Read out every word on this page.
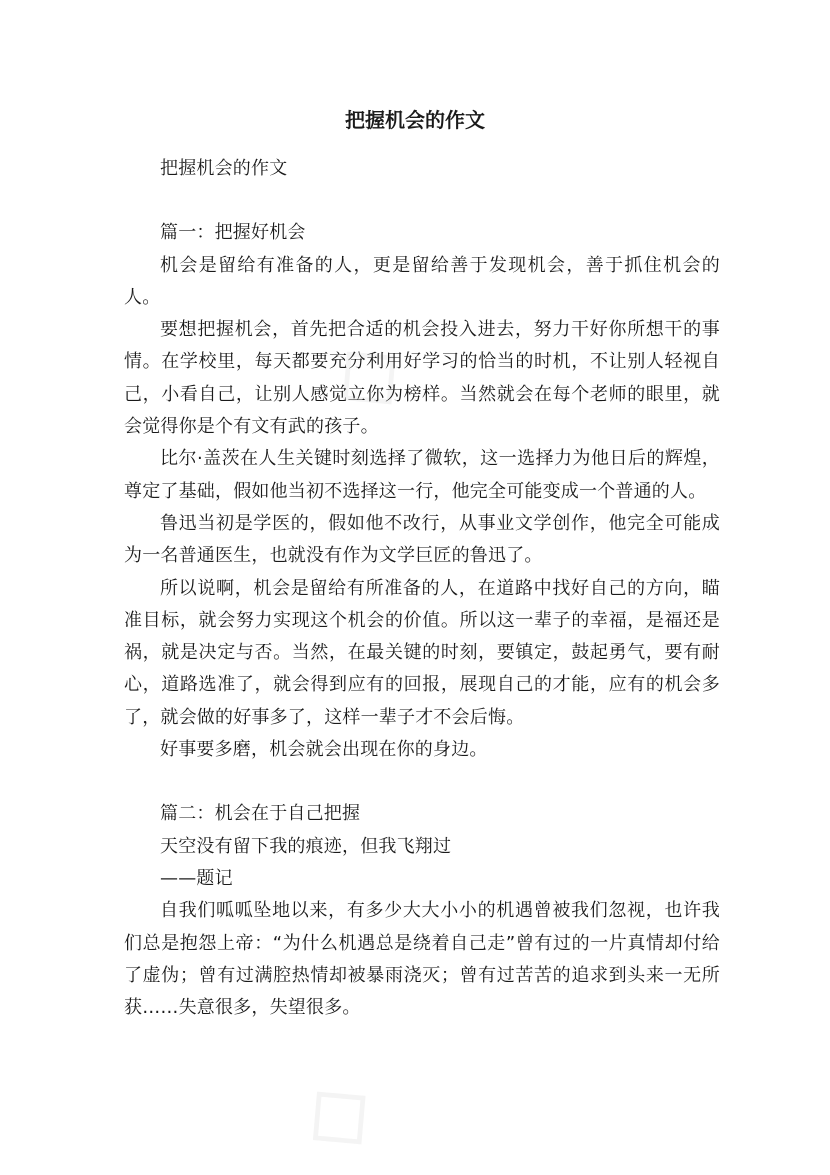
◇
◇
把握机会的作文

把握机会的作文

篇一：把握好机会

机会是留给有准备的人，更是留给善于发现机会，善于抓住机会的人。

要想把握机会，首先把合适的机会投入进去，努力干好你所想干的事情。在学校里，每天都要充分利用好学习的恰当的时机，不让别人轻视自己，小看自己，让别人感觉立你为榜样。当然就会在每个老师的眼里，就会觉得你是个有文有武的孩子。

比尔·盖茨在人生关键时刻选择了微软，这一选择力为他日后的辉煌，尊定了基础，假如他当初不选择这一行，他完全可能变成一个普通的人。

鲁迅当初是学医的，假如他不改行，从事业文学创作，他完全可能成为一名普通医生，也就没有作为文学巨匠的鲁迅了。

所以说啊，机会是留给有所准备的人，在道路中找好自己的方向，瞄准目标，就会努力实现这个机会的价值。所以这一辈子的幸福，是福还是祸，就是决定与否。当然，在最关键的时刻，要镇定，鼓起勇气，要有耐心，道路选准了，就会得到应有的回报，展现自己的才能，应有的机会多了，就会做的好事多了，这样一辈子才不会后悔。

好事要多磨，机会就会出现在你的身边。

篇二：机会在于自己把握

天空没有留下我的痕迹，但我飞翔过

——题记

自我们呱呱坠地以来，有多少大大小小的机遇曾被我们忽视，也许我们总是抱怨上帝：“为什么机遇总是绕着自己走”曾有过的一片真情却付给了虚伪；曾有过满腔热情却被暴雨浇灭；曾有过苦苦的追求到头来一无所获……失意很多，失望很多。
